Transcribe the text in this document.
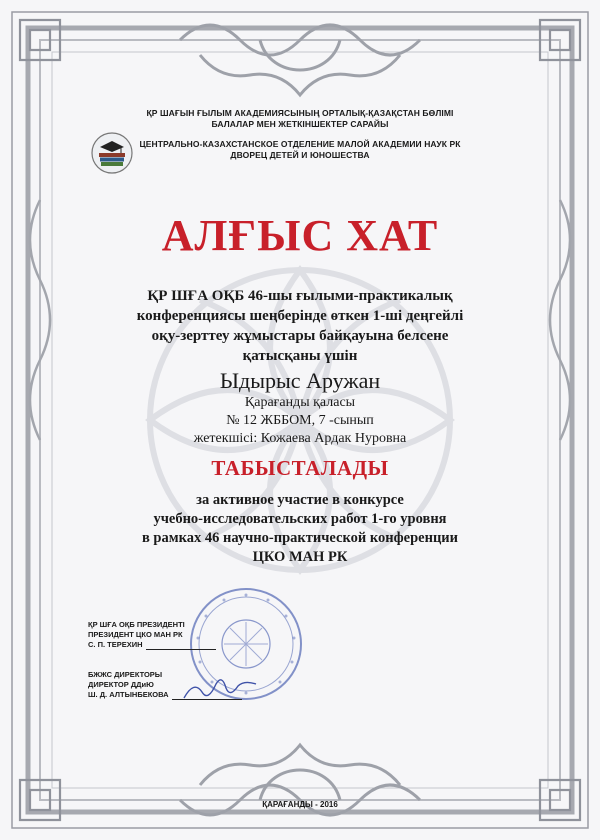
ҚР ШАҒЫН ҒЫЛЫМ АКАДЕМИЯСЫНЫҢ ОРТАЛЫҚ-ҚАЗАҚСТАН БӨЛІМІ
БАЛАЛАР МЕН ЖЕТКІНШЕКТЕР САРАЙЫ
ЦЕНТРАЛЬНО-КАЗАХСТАНСКОЕ ОТДЕЛЕНИЕ МАЛОЙ АКАДЕМИИ НАУК РК
ДВОРЕЦ ДЕТЕЙ И ЮНОШЕСТВА
АЛҒЫС ХАТ
ҚР ШҒА ОҚБ 46-шы ғылыми-практикалық
конференциясы шеңберінде өткен 1-ші деңгейлі
оқу-зерттеу жұмыстары байқауына белсене
қатысқаны үшін
Ыдырыс Аружан
Қарағанды қаласы
№ 12 ЖББОМ, 7 -сынып
жетекшісі: Кожаева Ардак Нуровна
ТАБЫСТАЛАДЫ
за активное участие в конкурсе
учебно-исследовательских работ 1-го уровня
в рамках 46 научно-практической конференции
ЦКО МАН РК
ҚР ШҒА ОҚБ ПРЕЗИДЕНТІ
ПРЕЗИДЕНТ ЦКО МАН РК
С. П. ТЕРЕХИН
БЖЖС ДИРЕКТОРЫ
ДИРЕКТОР ДДиЮ
Ш. Д. АЛТЫНБЕКОВА
ҚАРАҒАНДЫ - 2016
